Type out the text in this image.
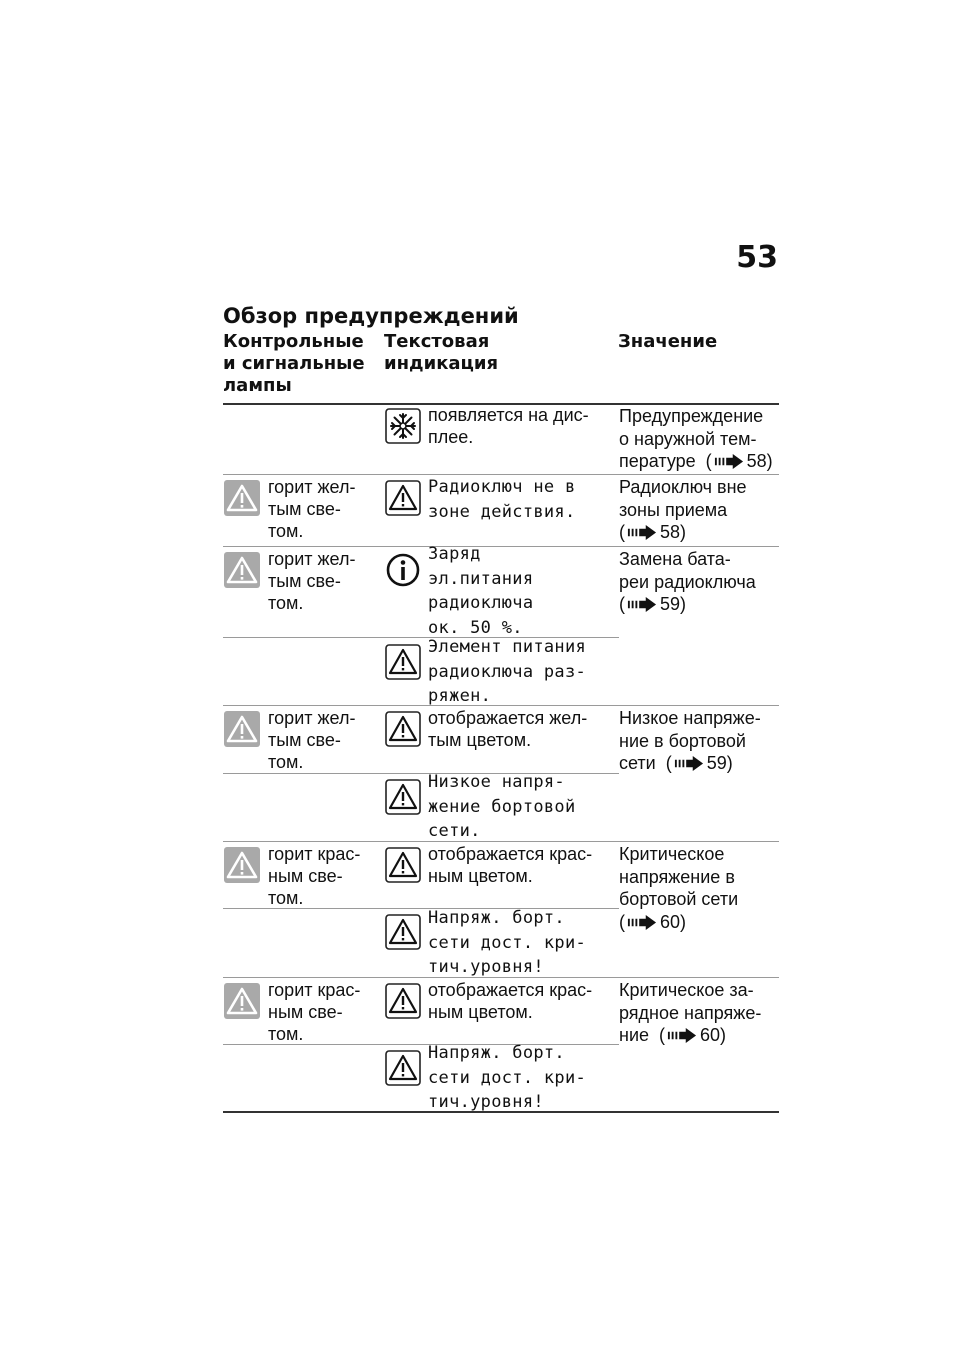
53
Обзор предупреждений
Контрольные
и сигнальные
лампы
Текстовая индикация
Значение
появляется на дис-
плее.
Предупреждение
о наружной тем-
пературе  ( 58)
горит жел-
тым све-
том.
Радиоключ не в
зоне действия.
Радиоключ вне
зоны приема
( 58)
горит жел-
тым све-
том.
Заряд
эл.питания
радиоключа
ок. 50 %.
Замена бата-
реи радиоключа
( 59)
Элемент питания
радиоключа раз-
ряжен.
горит жел-
тым све-
том.
отображается жел-
тым цветом.
Низкое напряже-
ние в бортовой
сети  ( 59)
Низкое напря-
жение бортовой
сети.
горит крас-
ным све-
том.
отображается крас-
ным цветом.
Критическое
напряжение в
бортовой сети
( 60)
Напряж. борт.
сети дост. кри-
тич.уровня!
горит крас-
ным све-
том.
отображается крас-
ным цветом.
Критическое за-
рядное напряже-
ние  ( 60)
Напряж. борт.
сети дост. кри-
тич.уровня!
